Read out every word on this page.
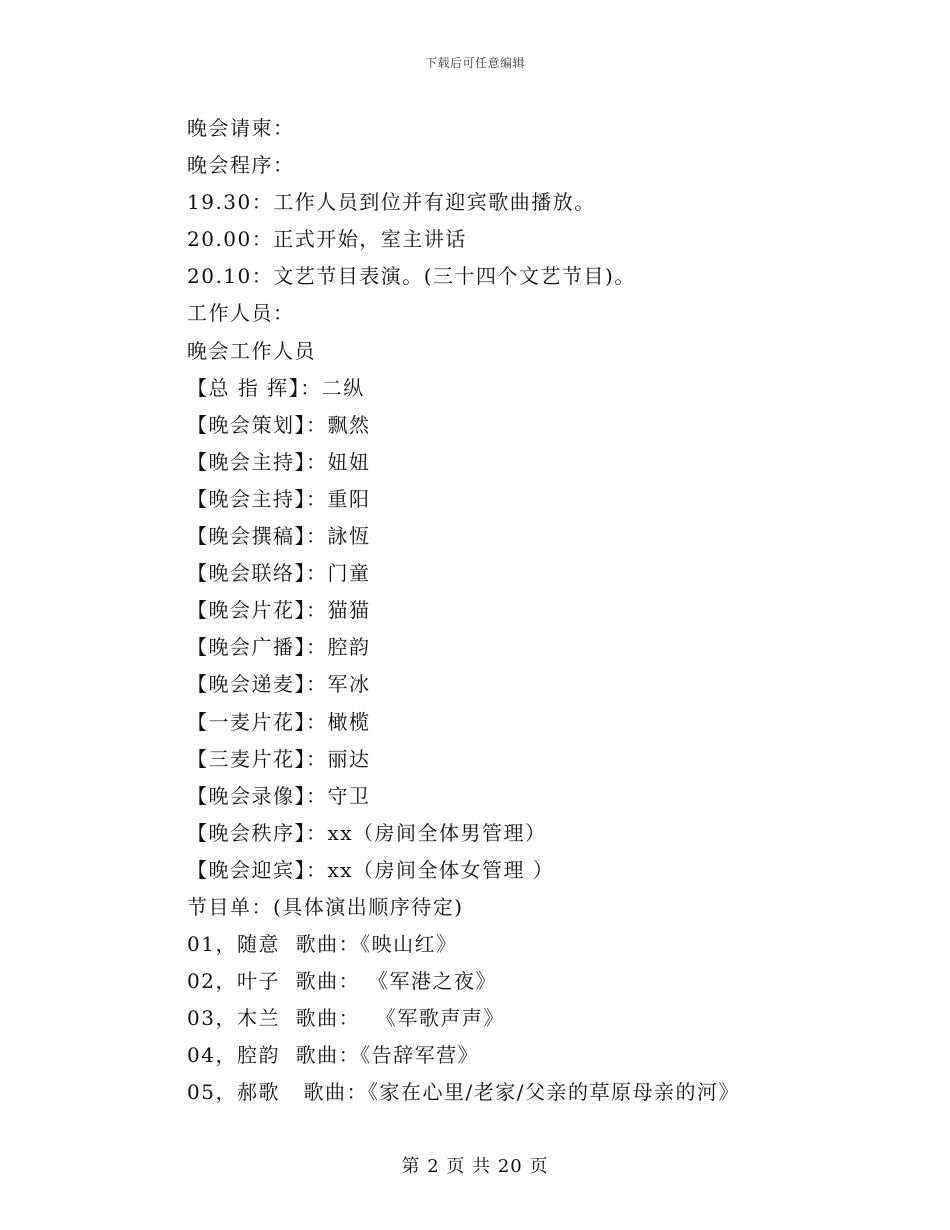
下载后可任意编辑
晚会请柬：
晚会程序：
19.30：工作人员到位并有迎宾歌曲播放。
20.00：正式开始，室主讲话
20.10：文艺节目表演。(三十四个文艺节目)。
工作人员：
晚会工作人员
【总 指 挥】：二纵
【晚会策划】：飘然
【晚会主持】：妞妞
【晚会主持】：重阳
【晚会撰稿】：詠恆
【晚会联络】：门童
【晚会片花】：猫猫
【晚会广播】：腔韵
【晚会递麦】：军冰
【一麦片花】：橄榄
【三麦片花】：丽达
【晚会录像】：守卫
【晚会秩序】：xx（房间全体男管理）
【晚会迎宾】：xx（房间全体女管理 ）
节目单：(具体演出顺序待定)
01，随意  歌曲：《映山红》
02，叶子  歌曲： 《军港之夜》
03，木兰  歌曲：  《军歌声声》
04，腔韵  歌曲：《告辞军营》
05，郝歌   歌曲：《家在心里/老家/父亲的草原母亲的河》
第 2 页 共 20 页
